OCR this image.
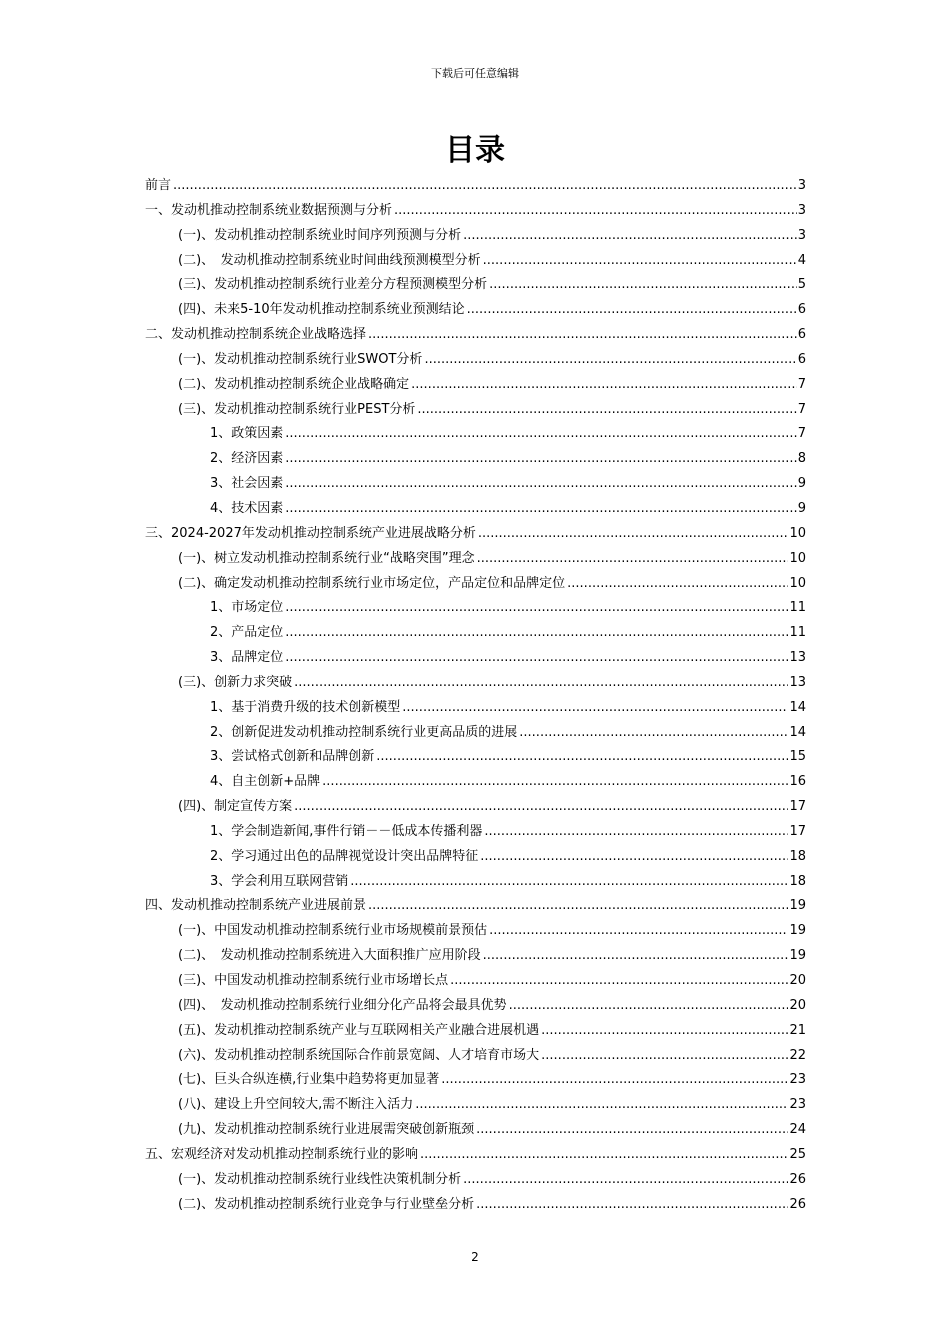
下载后可任意编辑
目录
前言 .....	3
一、发动机推动控制系统业数据预测与分析 .....	3
(一)、发动机推动控制系统业时间序列预测与分析 .....	3
(二)、　发动机推动控制系统业时间曲线预测模型分析 .....	4
(三)、发动机推动控制系统行业差分方程预测模型分析 .....	5
(四)、未来5-10年发动机推动控制系统业预测结论 .....	6
二、发动机推动控制系统企业战略选择 .....	6
(一)、发动机推动控制系统行业SWOT分析 .....	6
(二)、发动机推动控制系统企业战略确定 .....	7
(三)、发动机推动控制系统行业PEST分析 .....	7
1、政策因素 .....	7
2、经济因素 .....	8
3、社会因素 .....	9
4、技术因素 .....	9
三、2024-2027年发动机推动控制系统产业进展战略分析 .....	10
(一)、树立发动机推动控制系统行业“战略突围”理念 .....	10
(二)、确定发动机推动控制系统行业市场定位，产品定位和品牌定位 .....	10
1、市场定位 .....	11
2、产品定位 .....	11
3、品牌定位 .....	13
(三)、创新力求突破 .....	13
1、基于消费升级的技术创新模型 .....	14
2、创新促进发动机推动控制系统行业更高品质的进展 .....	14
3、尝试格式创新和品牌创新 .....	15
4、自主创新+品牌 .....	16
(四)、制定宣传方案 .....	17
1、学会制造新闻,事件行销－－低成本传播利器 .....	17
2、学习通过出色的品牌视觉设计突出品牌特征 .....	18
3、学会利用互联网营销 .....	18
四、发动机推动控制系统产业进展前景 .....	19
(一)、中国发动机推动控制系统行业市场规模前景预估 .....	19
(二)、　发动机推动控制系统进入大面积推广应用阶段 .....	19
(三)、中国发动机推动控制系统行业市场增长点 .....	20
(四)、　发动机推动控制系统行业细分化产品将会最具优势 .....	20
(五)、发动机推动控制系统产业与互联网相关产业融合进展机遇 .....	21
(六)、发动机推动控制系统国际合作前景宽阔、人才培育市场大 .....	22
(七)、巨头合纵连横,行业集中趋势将更加显著 .....	23
(八)、建设上升空间较大,需不断注入活力 .....	23
(九)、发动机推动控制系统行业进展需突破创新瓶颈 .....	24
五、宏观经济对发动机推动控制系统行业的影响 .....	25
(一)、发动机推动控制系统行业线性决策机制分析 .....	26
(二)、发动机推动控制系统行业竞争与行业壁垒分析 .....	26
2
